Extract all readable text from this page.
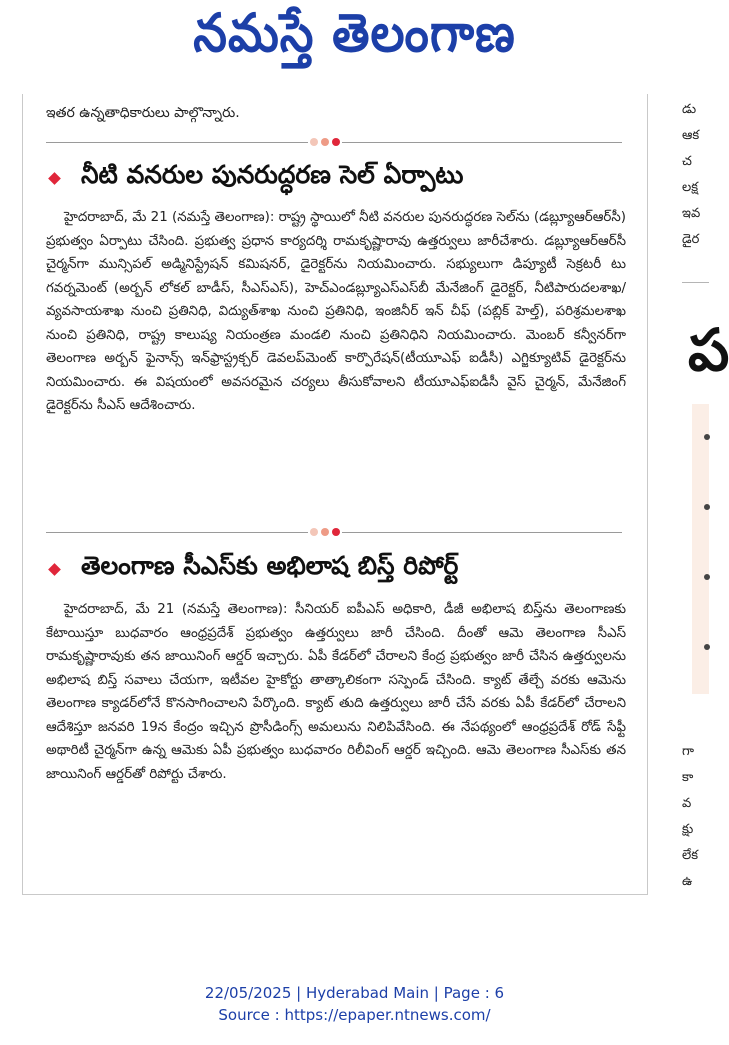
నమస్తే తెలంగాణ
ఇతర ఉన్నతాధికారులు పాల్గొన్నారు.
నీటి వనరుల పునరుద్ధరణ సెల్ ఏర్పాటు
హైదరాబాద్, మే 21 (నమస్తే తెలంగాణ): రాష్ట్ర స్థాయిలో నీటి వనరుల పునరుద్ధరణ సెల్‌ను (డబ్ల్యూఆర్ఆర్‌సీ) ప్రభుత్వం ఏర్పాటు చేసింది. ప్రభుత్వ ప్రధాన కార్యదర్శి రామకృష్ణారావు ఉత్తర్వులు జారీచేశారు. డబ్ల్యూఆర్ఆర్‌సీ చైర్మన్‌గా మున్సిపల్ అడ్మినిస్ట్రేషన్ కమిషనర్, డైరెక్టర్‌ను నియమించారు. సభ్యులుగా డిప్యూటీ సెక్రటరీ టు గవర్నమెంట్ (అర్బన్ లోకల్ బాడీస్, సీఎస్ఎస్), హెచ్ఎండబ్ల్యూఎస్‌ఎస్‌బీ మేనేజింగ్ డైరెక్టర్, నీటిపారుదలశాఖ/వ్యవసాయశాఖ నుంచి ప్రతినిధి, విద్యుత్‌శాఖ నుంచి ప్రతినిధి, ఇంజినీర్ ఇన్ చీఫ్ (పబ్లిక్ హెల్త్), పరిశ్రమలశాఖ నుంచి ప్రతినిధి, రాష్ట్ర కాలుష్య నియంత్రణ మండలి నుంచి ప్రతినిధిని నియమించారు. మెంబర్ కన్వీనర్‌గా తెలంగాణ అర్బన్ ఫైనాన్స్ ఇన్‌ఫ్రాస్ట్రక్చర్ డెవలప్‌మెంట్ కార్పొరేషన్(టీయూఎఫ్ ఐడీసీ) ఎగ్జిక్యూటివ్ డైరెక్టర్‌ను నియమించారు. ఈ విషయంలో అవసరమైన చర్యలు తీసుకోవాలని టీయూఎఫ్ఐడీసీ వైస్ చైర్మన్, మేనేజింగ్ డైరెక్టర్‌ను సీఎస్ ఆదేశించారు.
తెలంగాణ సీఎస్‌కు అభిలాష బిస్త్ రిపోర్ట్
హైదరాబాద్, మే 21 (నమస్తే తెలంగాణ): సీనియర్ ఐపీఎస్ అధికారి, డీజీ అభిలాష బిస్త్‌ను తెలంగాణకు కేటాయిస్తూ బుధవారం ఆంధ్రప్రదేశ్ ప్రభుత్వం ఉత్తర్వులు జారీ చేసింది. దీంతో ఆమె తెలంగాణ సీఎస్ రామకృష్ణారావుకు తన జాయినింగ్ ఆర్డర్ ఇచ్చారు. ఏపీ కేడర్‌లో చేరాలని కేంద్ర ప్రభుత్వం జారీ చేసిన ఉత్తర్వులను అభిలాష బిస్త్ సవాలు చేయగా, ఇటీవల హైకోర్టు తాత్కాలికంగా సస్పెండ్ చేసింది. క్యాట్ తేల్చే వరకు ఆమెను తెలంగాణ క్యాడర్‌లోనే కొనసాగించాలని పేర్కొంది. క్యాట్ తుది ఉత్తర్వులు జారీ చేసే వరకు ఏపీ కేడర్‌లో చేరాలని ఆదేశిస్తూ జనవరి 19న కేంద్రం ఇచ్చిన ప్రొసీడింగ్స్ అమలును నిలిపివేసింది. ఈ నేపథ్యంలో ఆంధ్రప్రదేశ్ రోడ్ సేఫ్టీ అథారిటీ చైర్మన్‌గా ఉన్న ఆమెకు ఏపీ ప్రభుత్వం బుధవారం రిలీవింగ్ ఆర్డర్ ఇచ్చింది. ఆమె తెలంగాణ సీఎస్‌కు తన జాయినింగ్ ఆర్డర్‌తో రిపోర్టు చేశారు.
డు
ఆక
చ
లక్ష
ఇవ
డైర
ప
గా
కా
వ
క్షు
లేక
ఉ
22/05/2025 | Hyderabad Main | Page : 6
Source : https://epaper.ntnews.com/
